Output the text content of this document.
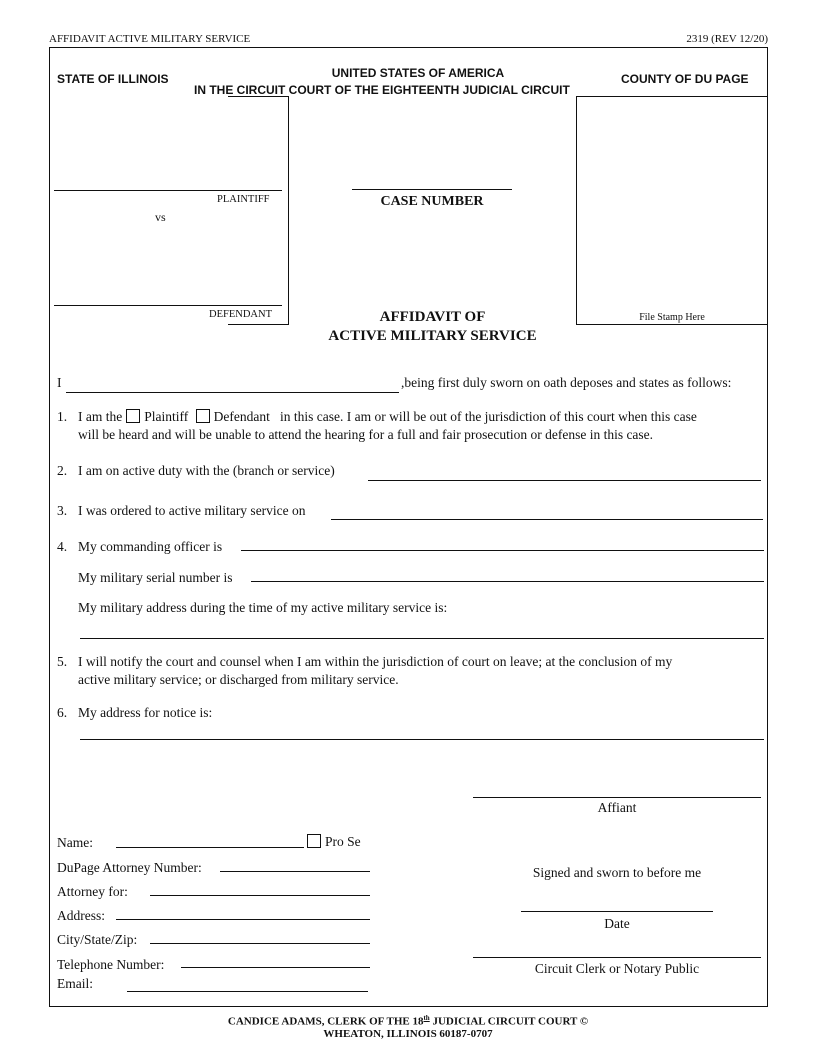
AFFIDAVIT ACTIVE MILITARY SERVICE	2319 (REV 12/20)
STATE OF ILLINOIS	UNITED STATES OF AMERICA
IN THE CIRCUIT COURT OF THE EIGHTEENTH JUDICIAL CIRCUIT
COUNTY OF DU PAGE
PLAINTIFF
vs
DEFENDANT
CASE NUMBER
File Stamp Here
AFFIDAVIT OF
ACTIVE MILITARY SERVICE
I	,being first duly sworn on oath deposes and states as follows:
1. I am the Plaintiff Defendant in this case. I am or will be out of the jurisdiction of this court when this case
will be heard and will be unable to attend the hearing for a full and fair prosecution or defense in this case.
2. I am on active duty with the (branch or service)
3. I was ordered to active military service on
4. My commanding officer is
My military serial number is
My military address during the time of my active military service is:
5. I will notify the court and counsel when I am within the jurisdiction of court on leave; at the conclusion of my
active military service; or discharged from military service.
6. My address for notice is:
Affiant
Signed and sworn to before me
Date
Circuit Clerk or Notary Public
Name:	Pro Se
DuPage Attorney Number:
Attorney for:
Address:
City/State/Zip:
Telephone Number:
Email:
CANDICE ADAMS, CLERK OF THE 18th JUDICIAL CIRCUIT COURT ©
WHEATON, ILLINOIS 60187-0707
